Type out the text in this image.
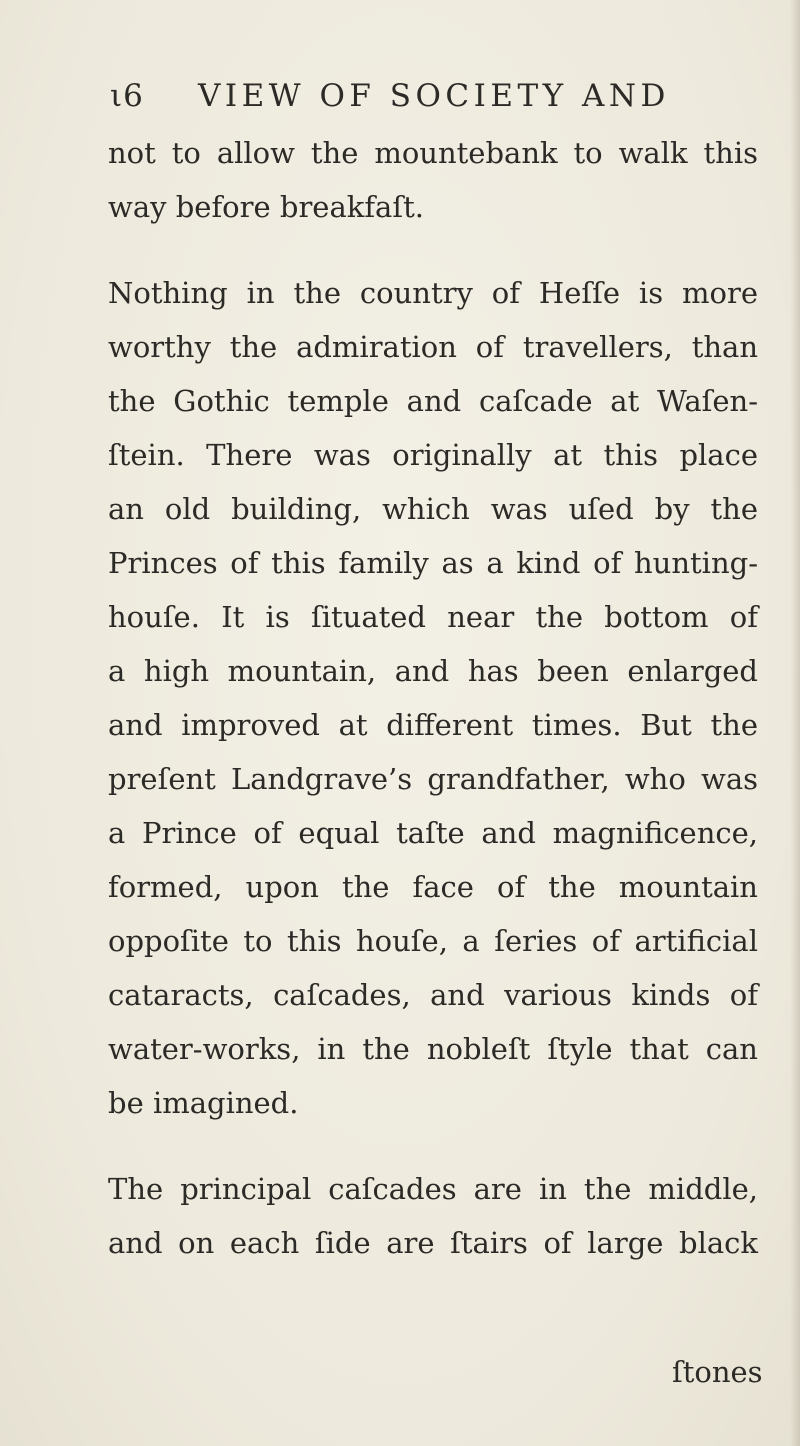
ι6 VIEW OF SOCIETY AND
not to allow the mountebank to walk this
way before breakfaſt.
Nothing in the country of Heſſe is more
worthy the admiration of travellers, than
the Gothic temple and caſcade at Waſen-
ſtein. There was originally at this place
an old building, which was uſed by the
Princes of this family as a kind of hunting-
houſe. It is ſituated near the bottom of
a high mountain, and has been enlarged
and improved at different times. But the
preſent Landgrave’s grandfather, who was
a Prince of equal taſte and magnificence,
formed, upon the face of the mountain
oppoſite to this houſe, a ſeries of artificial
cataracts, caſcades, and various kinds of
water-works, in the nobleſt ſtyle that can
be imagined.
The principal caſcades are in the middle,
and on each ſide are ſtairs of large black
ſtones
